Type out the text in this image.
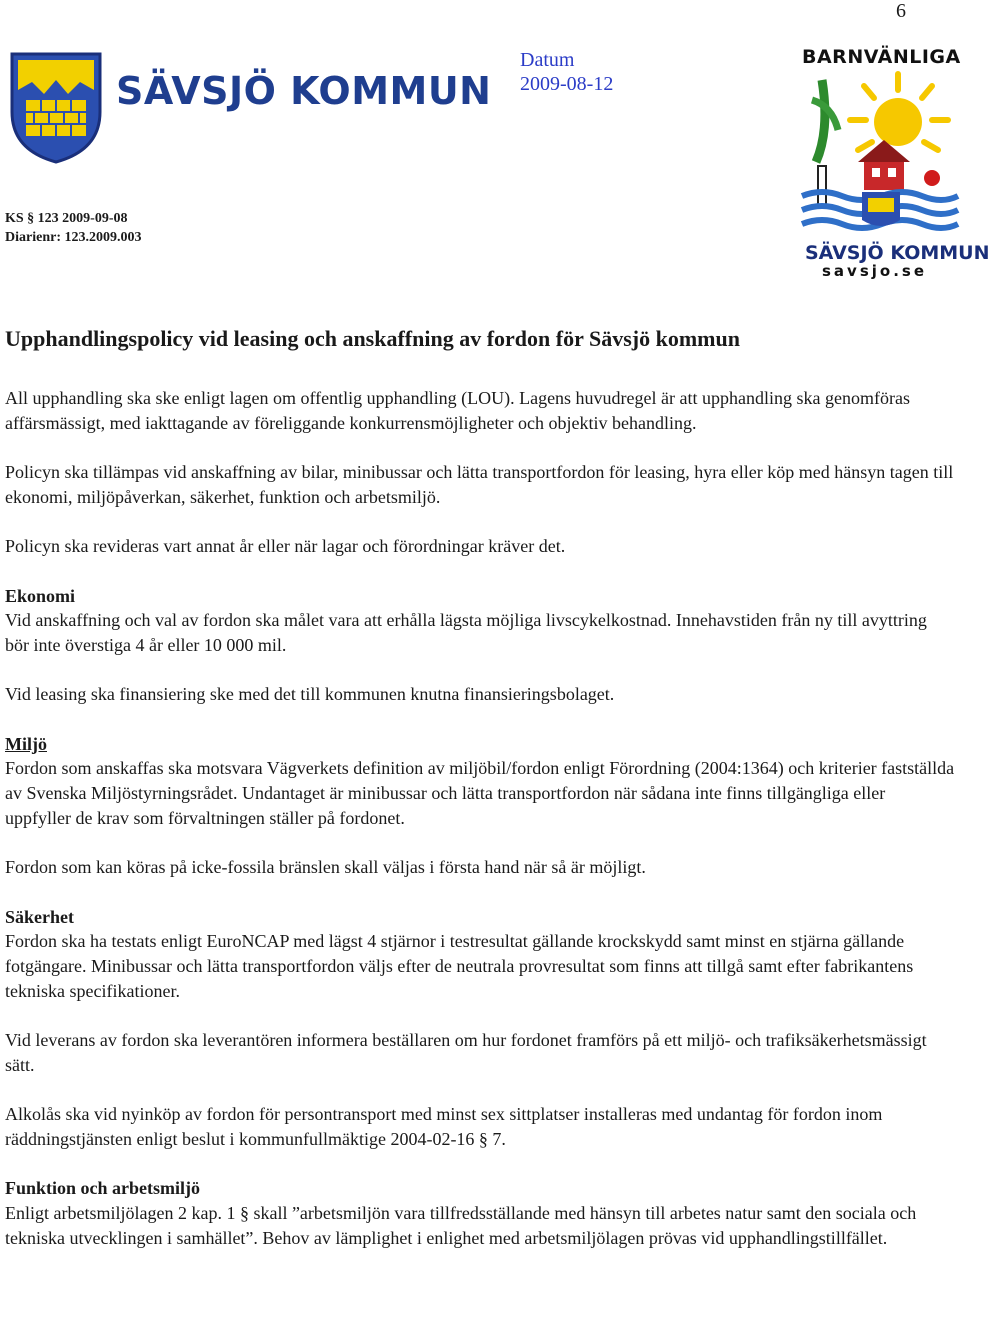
6
SÄVSJÖ KOMMUN
Datum
2009-08-12
BARNVÄNLIGA
SÄVSJÖ KOMMUN
savsjo.se
KS § 123 2009-09-08
Diarienr: 123.2009.003
Upphandlingspolicy vid leasing och anskaffning av fordon för Sävsjö kommun

All upphandling ska ske enligt lagen om offentlig upphandling (LOU). Lagens huvudregel är att upphandling ska genomföras affärsmässigt, med iakttagande av föreliggande konkurrensmöjligheter och objektiv behandling.

Policyn ska tillämpas vid anskaffning av bilar, minibussar och lätta transportfordon för leasing, hyra eller köp med hänsyn tagen till ekonomi, miljöpåverkan, säkerhet, funktion och arbetsmiljö.

Policyn ska revideras vart annat år eller när lagar och förordningar kräver det.

Ekonomi
Vid anskaffning och val av fordon ska målet vara att erhålla lägsta möjliga livscykelkostnad. Innehavstiden från ny till avyttring bör inte överstiga 4 år eller 10 000 mil.

Vid leasing ska finansiering ske med det till kommunen knutna finansieringsbolaget.

Miljö
Fordon som anskaffas ska motsvara Vägverkets definition av miljöbil/fordon enligt Förordning (2004:1364) och kriterier fastställda av Svenska Miljöstyrningsrådet. Undantaget är minibussar och lätta transportfordon när sådana inte finns tillgängliga eller uppfyller de krav som förvaltningen ställer på fordonet.

Fordon som kan köras på icke-fossila bränslen skall väljas i första hand när så är möjligt.

Säkerhet
Fordon ska ha testats enligt EuroNCAP med lägst 4 stjärnor i testresultat gällande krockskydd samt minst en stjärna gällande fotgängare. Minibussar och lätta transportfordon väljs efter de neutrala provresultat som finns att tillgå samt efter fabrikantens tekniska specifikationer.

Vid leverans av fordon ska leverantören informera beställaren om hur fordonet framförs på ett miljö- och trafiksäkerhetsmässigt sätt.

Alkolås ska vid nyinköp av fordon för persontransport med minst sex sittplatser installeras med undantag för fordon inom räddningstjänsten enligt beslut i kommunfullmäktige 2004-02-16 § 7.

Funktion och arbetsmiljö
Enligt arbetsmiljölagen 2 kap. 1 § skall ”arbetsmiljön vara tillfredsställande med hänsyn till arbetes natur samt den sociala och tekniska utvecklingen i samhället”. Behov av lämplighet i enlighet med arbetsmiljölagen prövas vid upphandlingstillfället.
